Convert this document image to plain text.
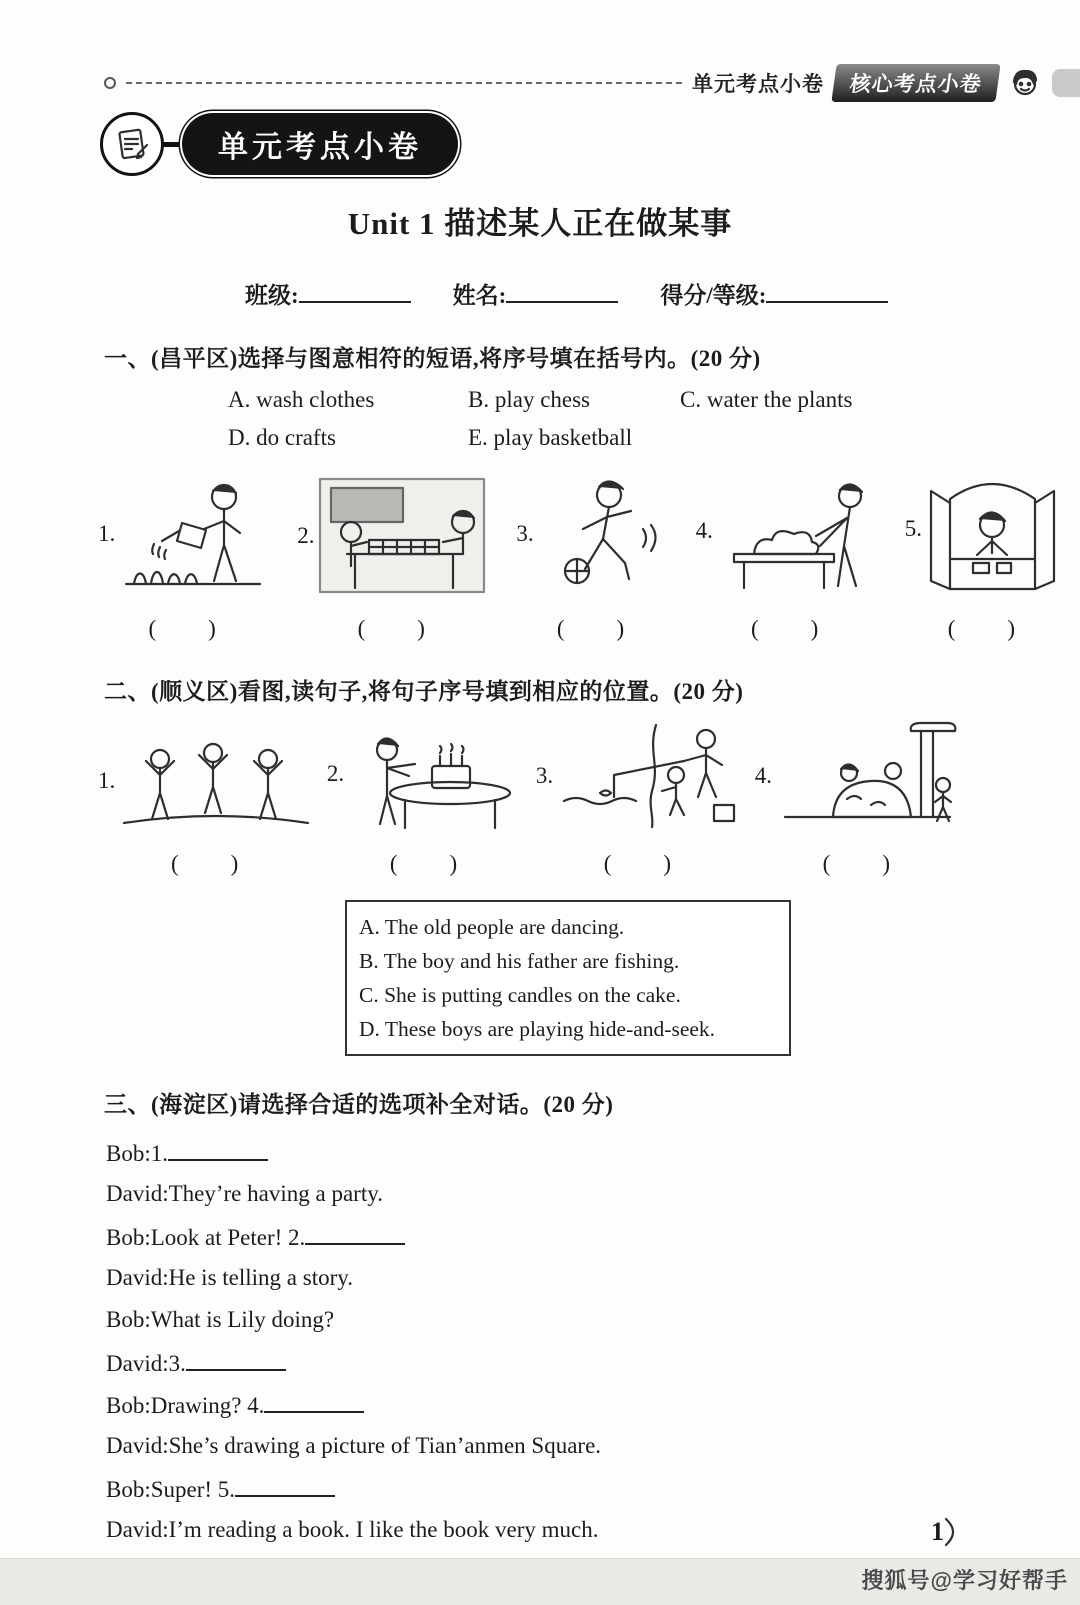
单元考点小卷	核心考点小卷
单元考点小卷
Unit 1 描述某人正在做某事
班级:	姓名:	得分/等级:
一、(昌平区)选择与图意相符的短语,将序号填在括号内。(20 分)
A. wash clothes	B. play chess	C. water the plants
D. do crafts	E. play basketball
1.
(　　)
2.
(　　)
3.
(　　)
4.
(　　)
5.
(　　)
二、(顺义区)看图,读句子,将句子序号填到相应的位置。(20 分)
1.
(　　)
2.
(　　)
3.
(　　)
4.
(　　)
A. The old people are dancing.
B. The boy and his father are fishing.
C. She is putting candles on the cake.
D. These boys are playing hide-and-seek.
三、(海淀区)请选择合适的选项补全对话。(20 分)
Bob:1.
David:They’re having a party.
Bob:Look at Peter! 2.
David:He is telling a story.
Bob:What is Lily doing?
David:3.
Bob:Drawing? 4.
David:She’s drawing a picture of Tian’anmen Square.
Bob:Super! 5.
David:I’m reading a book. I like the book very much.	1
搜狐号@学习好帮手
